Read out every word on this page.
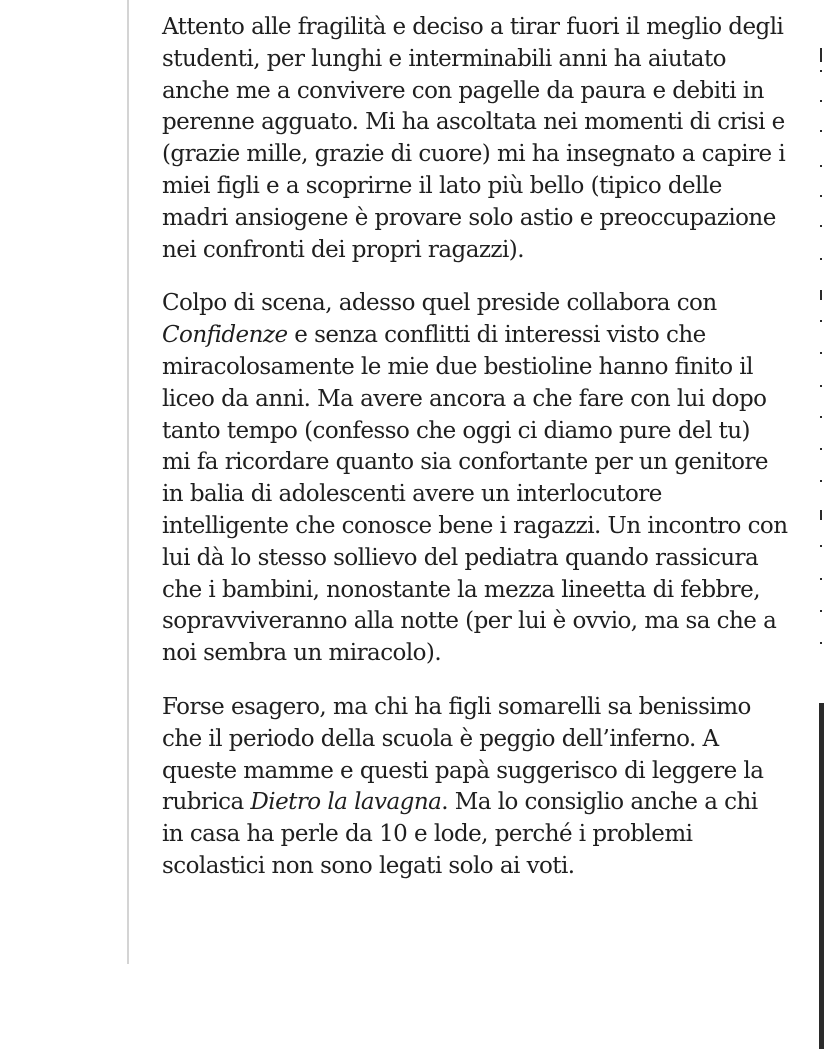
Attento alle fragilità e deciso a tirar fuori il meglio degli
studenti, per lunghi e interminabili anni ha aiutato
anche me a convivere con pagelle da paura e debiti in
perenne agguato. Mi ha ascoltata nei momenti di crisi e
(grazie mille, grazie di cuore) mi ha insegnato a capire i
miei figli e a scoprirne il lato più bello (tipico delle
madri ansiogene è provare solo astio e preoccupazione
nei confronti dei propri ragazzi).

Colpo di scena, adesso quel preside collabora con
Confidenze e senza conflitti di interessi visto che
miracolosamente le mie due bestioline hanno finito il
liceo da anni. Ma avere ancora a che fare con lui dopo
tanto tempo (confesso che oggi ci diamo pure del tu)
mi fa ricordare quanto sia confortante per un genitore
in balia di adolescenti avere un interlocutore
intelligente che conosce bene i ragazzi. Un incontro con
lui dà lo stesso sollievo del pediatra quando rassicura
che i bambini, nonostante la mezza lineetta di febbre,
sopravviveranno alla notte (per lui è ovvio, ma sa che a
noi sembra un miracolo).

Forse esagero, ma chi ha figli somarelli sa benissimo
che il periodo della scuola è peggio dell’inferno. A
queste mamme e questi papà suggerisco di leggere la
rubrica Dietro la lavagna. Ma lo consiglio anche a chi
in casa ha perle da 10 e lode, perché i problemi
scolastici non sono legati solo ai voti.
